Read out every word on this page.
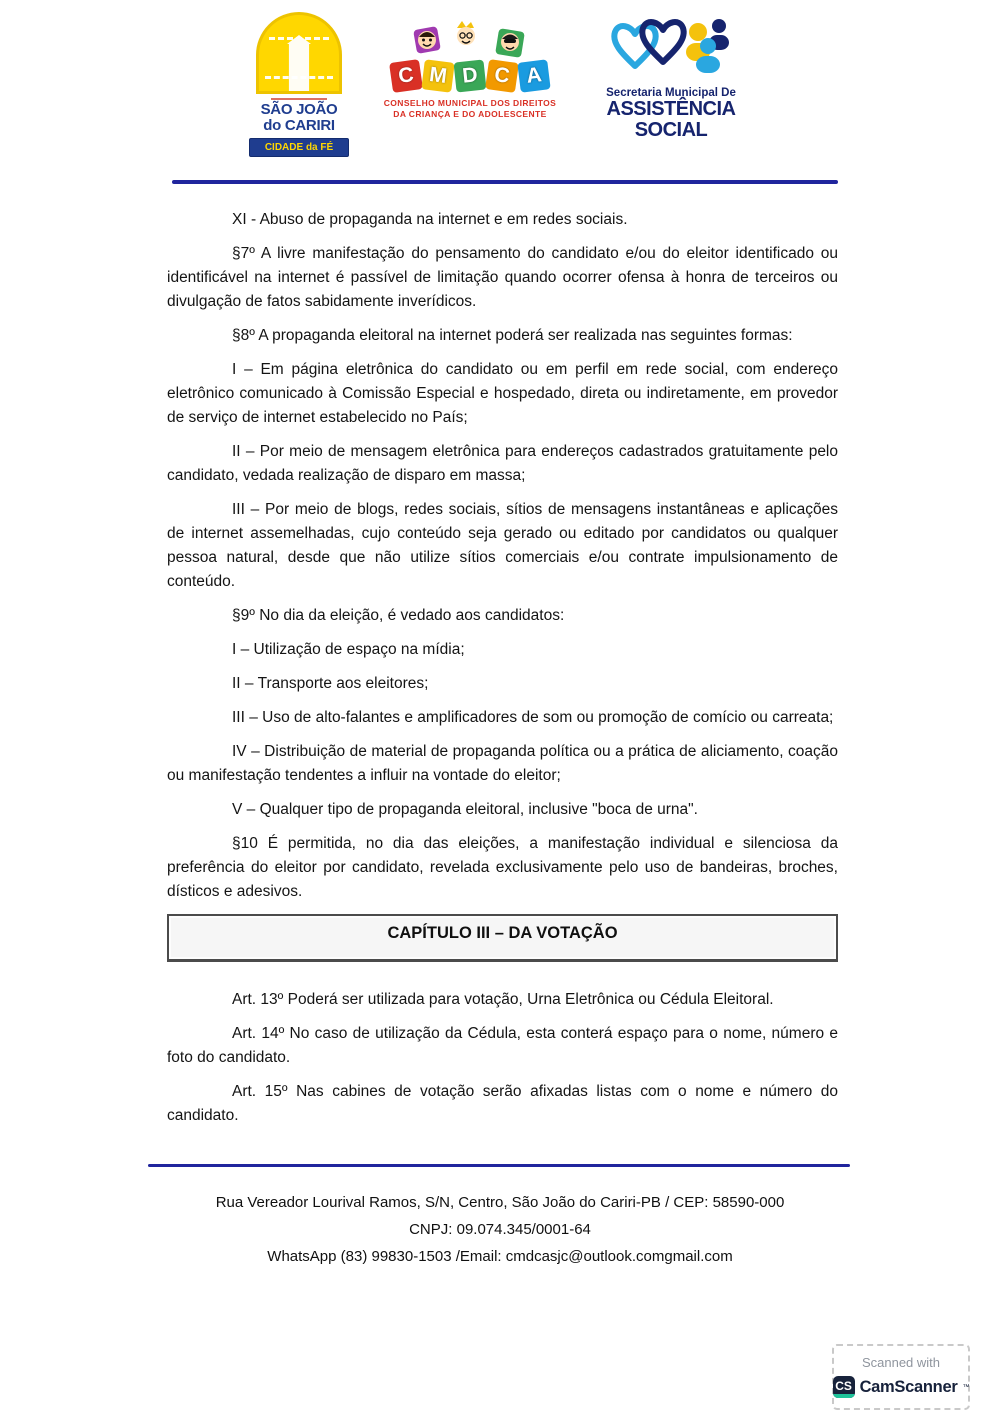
SÃO JOÃO
do CARIRI
CIDADE da FÉ
C M D C A
CONSELHO MUNICIPAL DOS DIREITOS
DA CRIANÇA E DO ADOLESCENTE
Secretaria Municipal De
ASSISTÊNCIA
SOCIAL

XI - Abuso de propaganda na internet e em redes sociais.

§7º A livre manifestação do pensamento do candidato e/ou do eleitor identificado ou identificável na internet é passível de limitação quando ocorrer ofensa à honra de terceiros ou divulgação de fatos sabidamente inverídicos.

§8º A propaganda eleitoral na internet poderá ser realizada nas seguintes formas:

I – Em página eletrônica do candidato ou em perfil em rede social, com endereço eletrônico comunicado à Comissão Especial e hospedado, direta ou indiretamente, em provedor de serviço de internet estabelecido no País;

II – Por meio de mensagem eletrônica para endereços cadastrados gratuitamente pelo candidato, vedada realização de disparo em massa;

III – Por meio de blogs, redes sociais, sítios de mensagens instantâneas e aplicações de internet assemelhadas, cujo conteúdo seja gerado ou editado por candidatos ou qualquer pessoa natural, desde que não utilize sítios comerciais e/ou contrate impulsionamento de conteúdo.

§9º No dia da eleição, é vedado aos candidatos:

I – Utilização de espaço na mídia;

II – Transporte aos eleitores;

III – Uso de alto-falantes e amplificadores de som ou promoção de comício ou carreata;

IV – Distribuição de material de propaganda política ou a prática de aliciamento, coação ou manifestação tendentes a influir na vontade do eleitor;

V – Qualquer tipo de propaganda eleitoral, inclusive "boca de urna".

§10 É permitida, no dia das eleições, a manifestação individual e silenciosa da preferência do eleitor por candidato, revelada exclusivamente pelo uso de bandeiras, broches, dísticos e adesivos.

CAPÍTULO III – DA VOTAÇÃO

Art. 13º Poderá ser utilizada para votação, Urna Eletrônica ou Cédula Eleitoral.

Art. 14º No caso de utilização da Cédula, esta conterá espaço para o nome, número e foto do candidato.

Art. 15º Nas cabines de votação serão afixadas listas com o nome e número do candidato.

Rua Vereador Lourival Ramos, S/N, Centro, São João do Cariri-PB / CEP: 58590-000
CNPJ: 09.074.345/0001-64
WhatsApp (83) 99830-1503 /Email: cmdcasjc@outlook.comgmail.com
Scanned with
CS CamScanner ™
